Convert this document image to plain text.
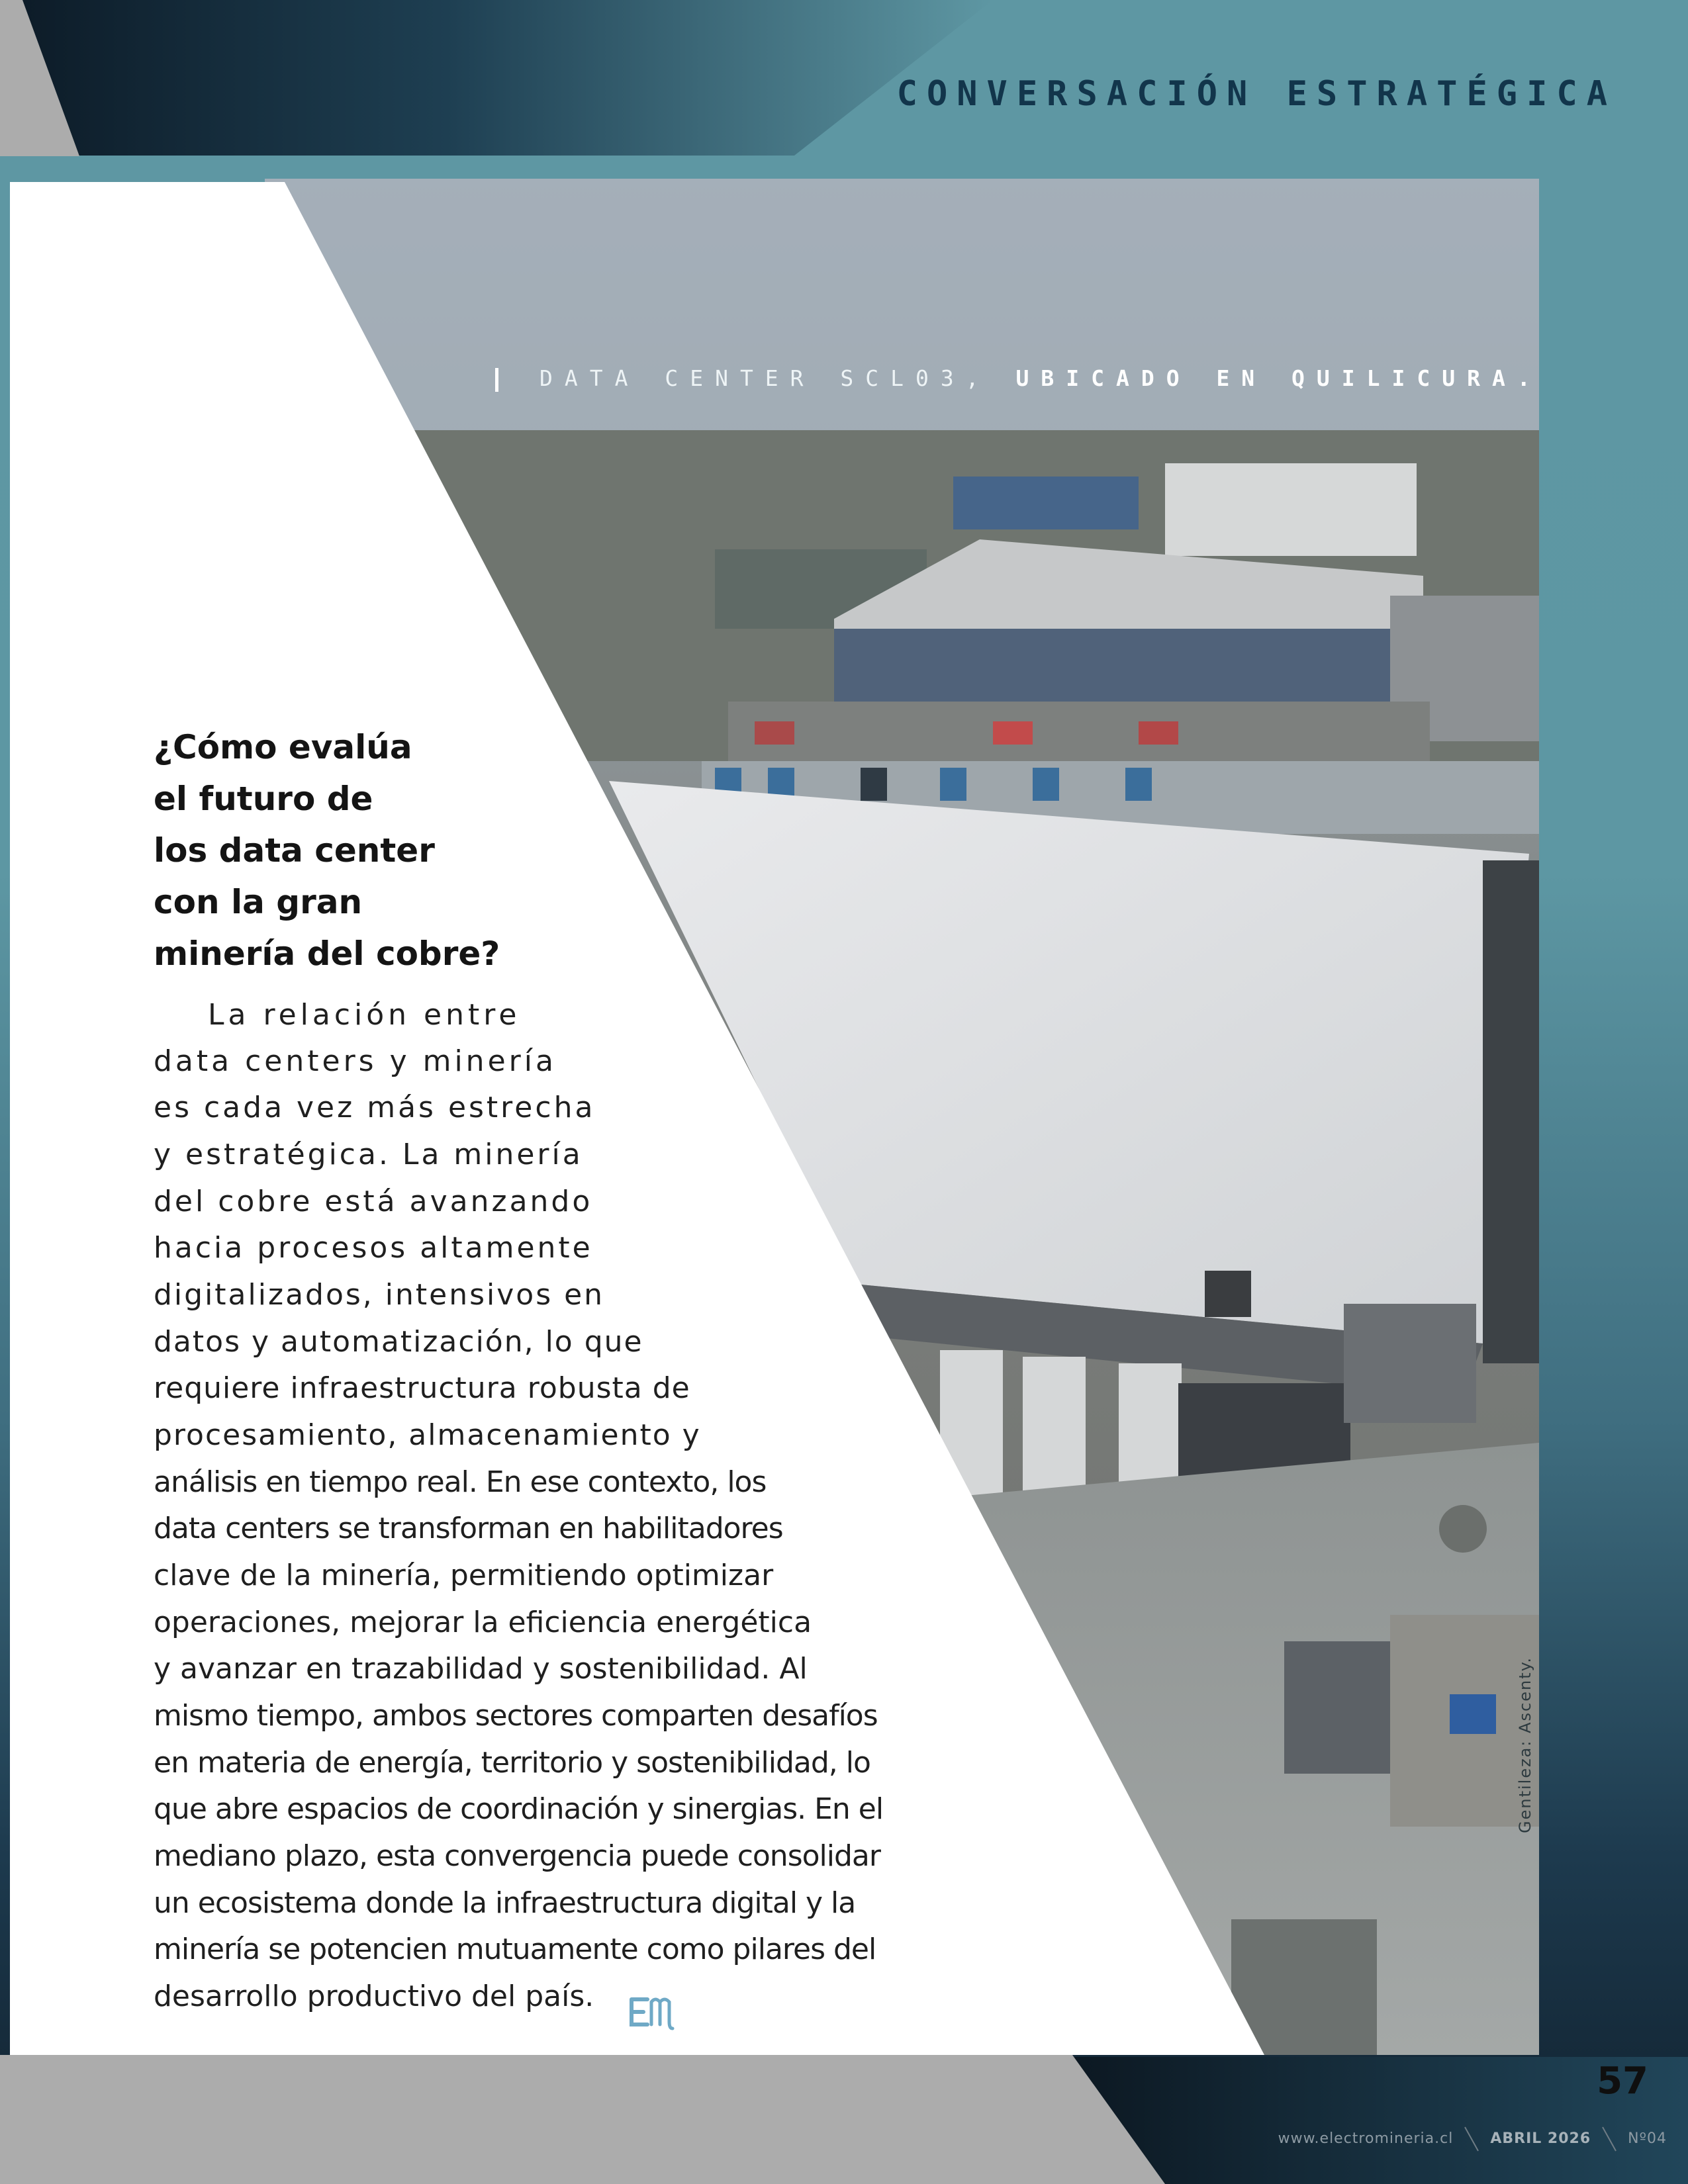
CONVERSACIÓN ESTRATÉGICA
DATA CENTER SCL03, UBICADO EN QUILICURA.
Gentileza: Ascenty.
¿Cómo evalúa
el futuro de
los data center
con la gran
minería del cobre?
La relación entre
data centers y minería
es cada vez más estrecha
y estratégica. La minería
del cobre está avanzando
hacia procesos altamente
digitalizados, intensivos en
datos y automatización, lo que
requiere infraestructura robusta de
procesamiento, almacenamiento y
análisis en tiempo real. En ese contexto, los
data centers se transforman en habilitadores
clave de la minería, permitiendo optimizar
operaciones, mejorar la eficiencia energética
y avanzar en trazabilidad y sostenibilidad. Al
mismo tiempo, ambos sectores comparten desafíos
en materia de energía, territorio y sostenibilidad, lo
que abre espacios de coordinación y sinergias. En el
mediano plazo, esta convergencia puede consolidar
un ecosistema donde la infraestructura digital y la
minería se potencien mutuamente como pilares del
desarrollo productivo del país.
57
www.electromineria.cl	ABRIL 2026	Nº04
